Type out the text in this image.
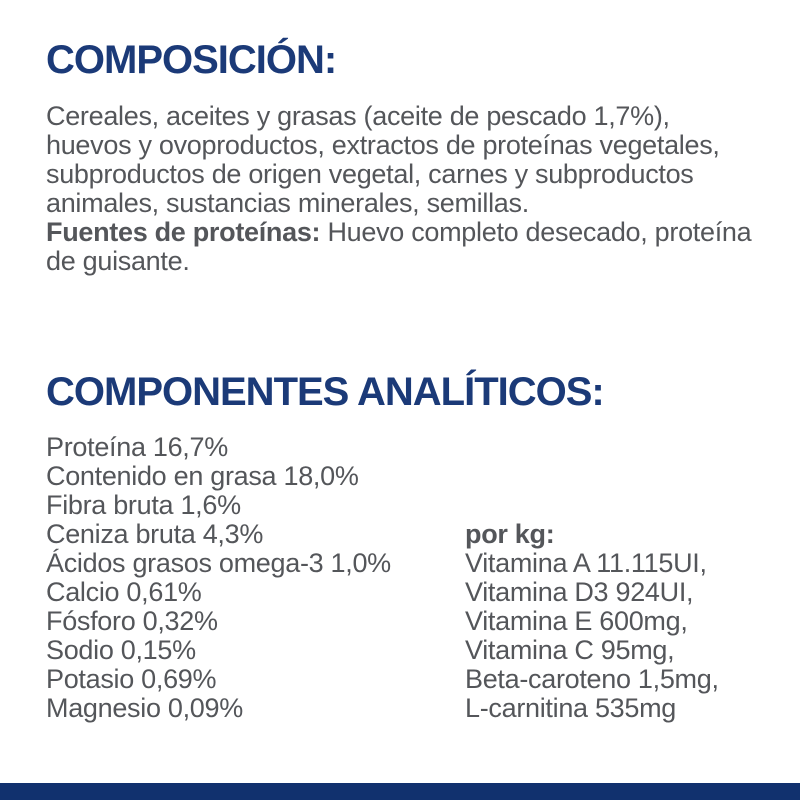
COMPOSICIÓN:

Cereales, aceites y grasas (aceite de pescado 1,7%), huevos y ovoproductos, extractos de proteínas vegetales, subproductos de origen vegetal, carnes y subproductos animales, sustancias minerales, semillas.

Fuentes de proteínas: Huevo completo desecado, proteína de guisante.

COMPONENTES ANALÍTICOS:
Proteína 16,7%
Contenido en grasa 18,0%
Fibra bruta 1,6%
Ceniza bruta 4,3%
Ácidos grasos omega-3 1,0%
Calcio 0,61%
Fósforo 0,32%
Sodio 0,15%
Potasio 0,69%
Magnesio 0,09%

por kg:

Vitamina A 11.115UI,
Vitamina D3 924UI,
Vitamina E 600mg,
Vitamina C 95mg,
Beta-caroteno 1,5mg,
L-carnitina 535mg
